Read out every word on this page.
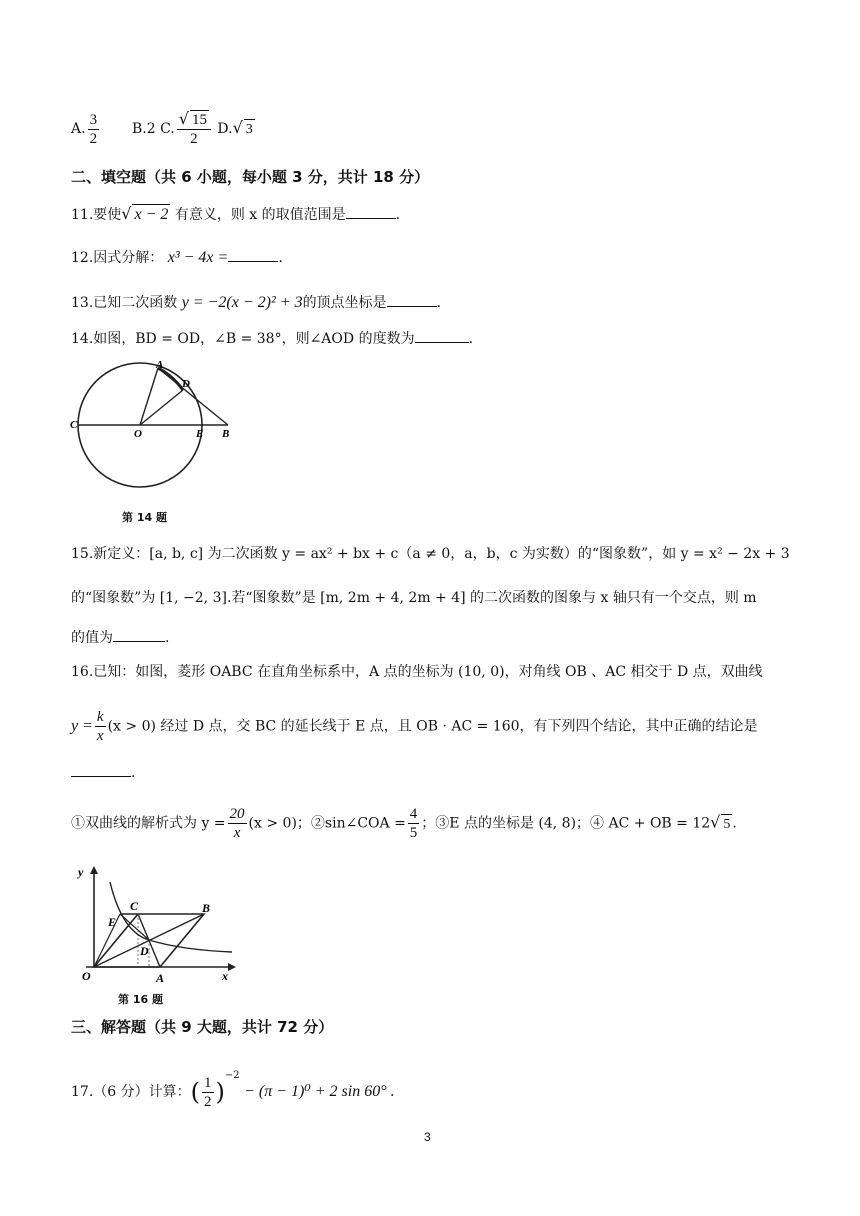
A. $\frac{3}{2} B.2$ C. $\frac{√ 15}{2} D.√$ 3
二、填空题（共 6 小题，每小题 3 分，共计 18 分）
11.要使√ x − 2 有意义，则 x 的取值范围是	.
12.因式分解： x³ − 4x =	.
13.已知二次函数 y = −2(x − 2)² + 3的顶点坐标是	.
14.如图，BD = OD，∠B = 38°，则∠AOD 的度数为	.
A
D
C
O	E B
第 14 题
15.新定义：[a, b, c] 为二次函数 y = ax² + bx + c（a ≠ 0，a，b，c 为实数）的“图象数”，如 y = x² − 2x + 3
的“图象数”为 [1, −2, 3].若“图象数”是 [m, 2m + 4, 2m + 4] 的二次函数的图象与 x 轴只有一个交点，则 m
的值为	.
16.已知：如图，菱形 OABC 在直角坐标系中，A 点的坐标为 (10, 0)，对角线 OB 、AC 相交于 D 点，双曲线
$y = \frac{k}{x} (x > 0)$ 经过 D 点，交 BC 的延长线于 E 点，且 OB · AC = 160，有下列四个结论，其中正确的结论是
.
①双曲线的解析式为 $y = \frac{20}{x} (x > 0)$；②sin∠COA = $\frac{4}{5}$ ；③E 点的坐标是 (4, 8)；④ AC + OB = 12√ 5 .
y
x
O	A
B
C
D
E
第 16 题
三、解答题（共 9 大题，共计 72 分）
17.（6 分）计算：( $\frac{1}{2} )^{-2} - (\pi - 1)^0 + 2$ sin 60° .
3
